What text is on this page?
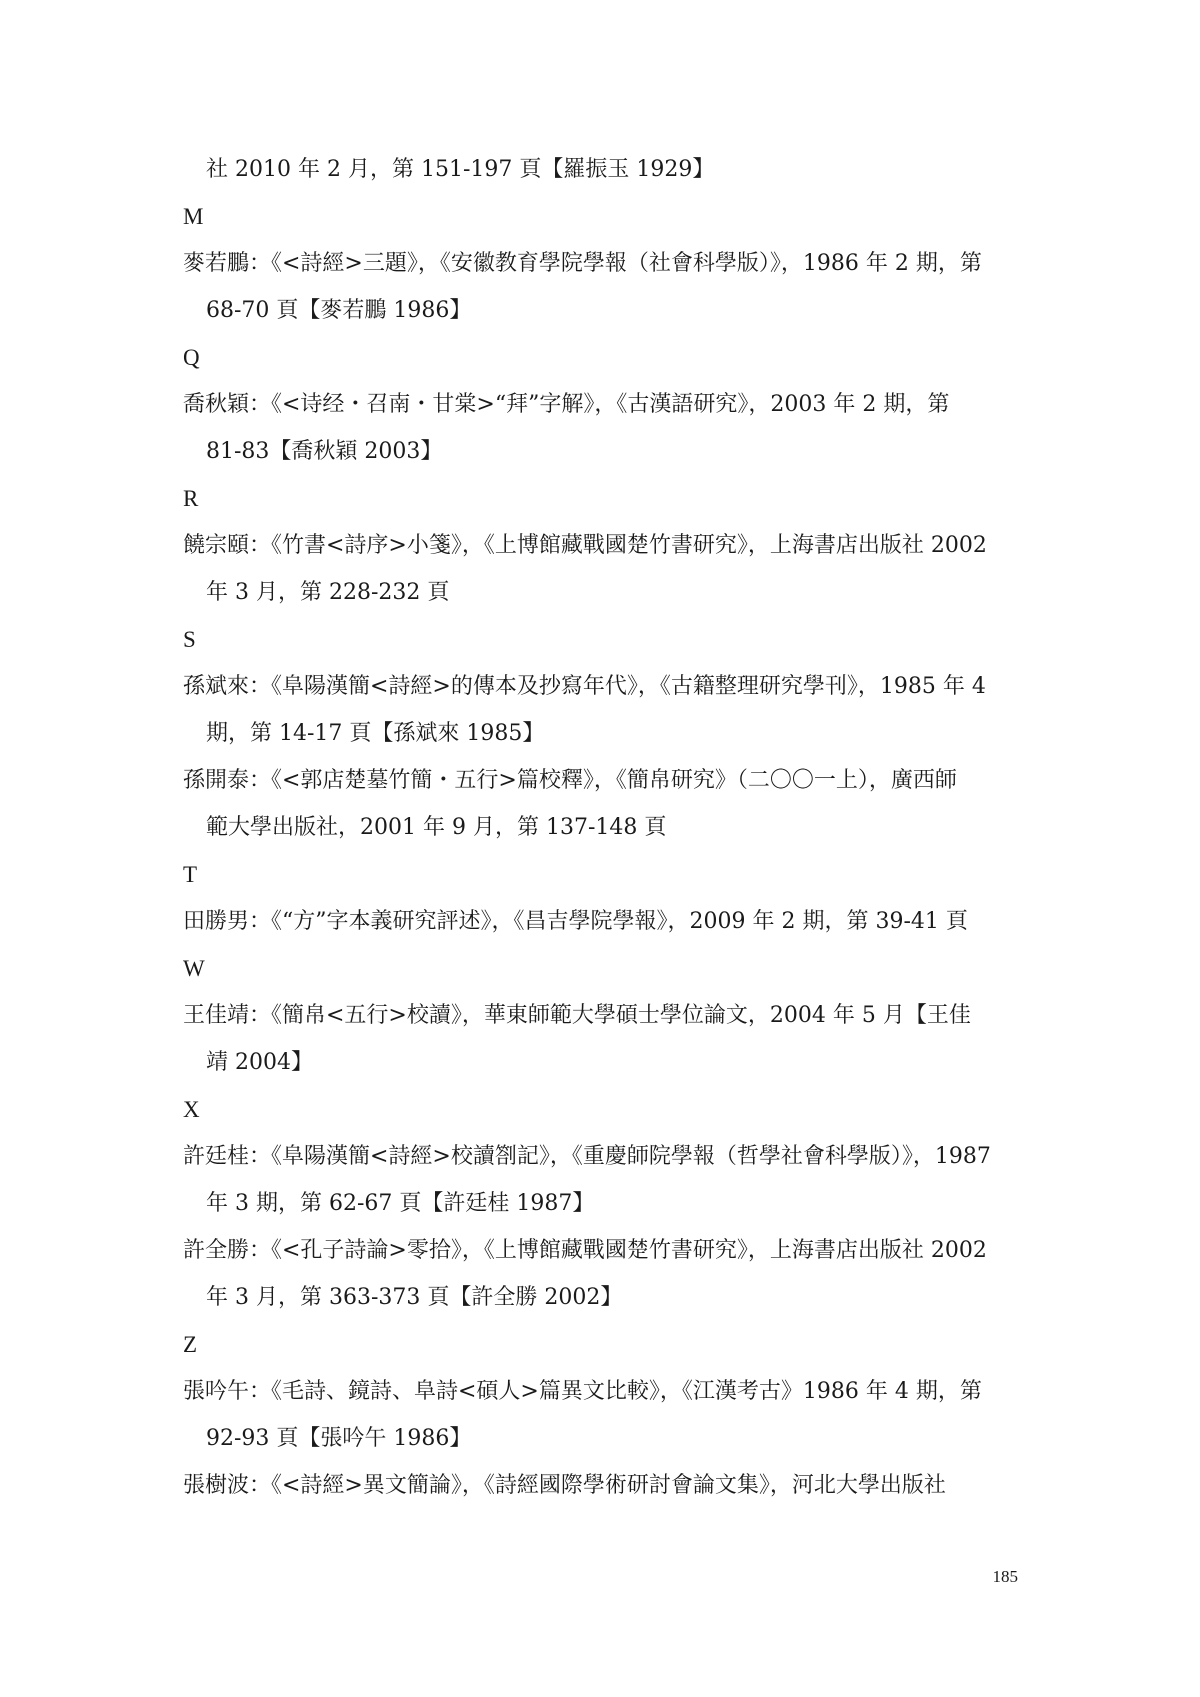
社 2010 年 2 月，第 151-197 頁【羅振玉 1929】
M
麥若鵬：《<詩經>三題》，《安徽教育學院學報（社會科學版）》，1986 年 2 期，第
68-70 頁【麥若鵬 1986】
Q
喬秋穎：《<诗经・召南・甘棠>“拜”字解》，《古漢語研究》，2003 年 2 期，第
81-83【喬秋穎 2003】
R
饒宗頤：《竹書<詩序>小箋》，《上博館藏戰國楚竹書研究》，上海書店出版社 2002
年 3 月，第 228-232 頁
S
孫斌來：《阜陽漢簡<詩經>的傳本及抄寫年代》，《古籍整理研究學刊》，1985 年 4
期，第 14-17 頁【孫斌來 1985】
孫開泰：《<郭店楚墓竹簡・五行>篇校釋》，《簡帛研究》（二〇〇一上），廣西師
範大學出版社，2001 年 9 月，第 137-148 頁
T
田勝男：《“方”字本義研究評述》，《昌吉學院學報》，2009 年 2 期，第 39-41 頁
W
王佳靖：《簡帛<五行>校讀》，華東師範大學碩士學位論文，2004 年 5 月【王佳
靖 2004】
X
許廷桂：《阜陽漢簡<詩經>校讀劄記》，《重慶師院學報（哲學社會科學版）》，1987
年 3 期，第 62-67 頁【許廷桂 1987】
許全勝：《<孔子詩論>零拾》，《上博館藏戰國楚竹書研究》，上海書店出版社 2002
年 3 月，第 363-373 頁【許全勝 2002】
Z
張吟午：《毛詩、鏡詩、阜詩<碩人>篇異文比較》，《江漢考古》1986 年 4 期，第
92-93 頁【張吟午 1986】
張樹波：《<詩經>異文簡論》，《詩經國際學術研討會論文集》，河北大學出版社
185
